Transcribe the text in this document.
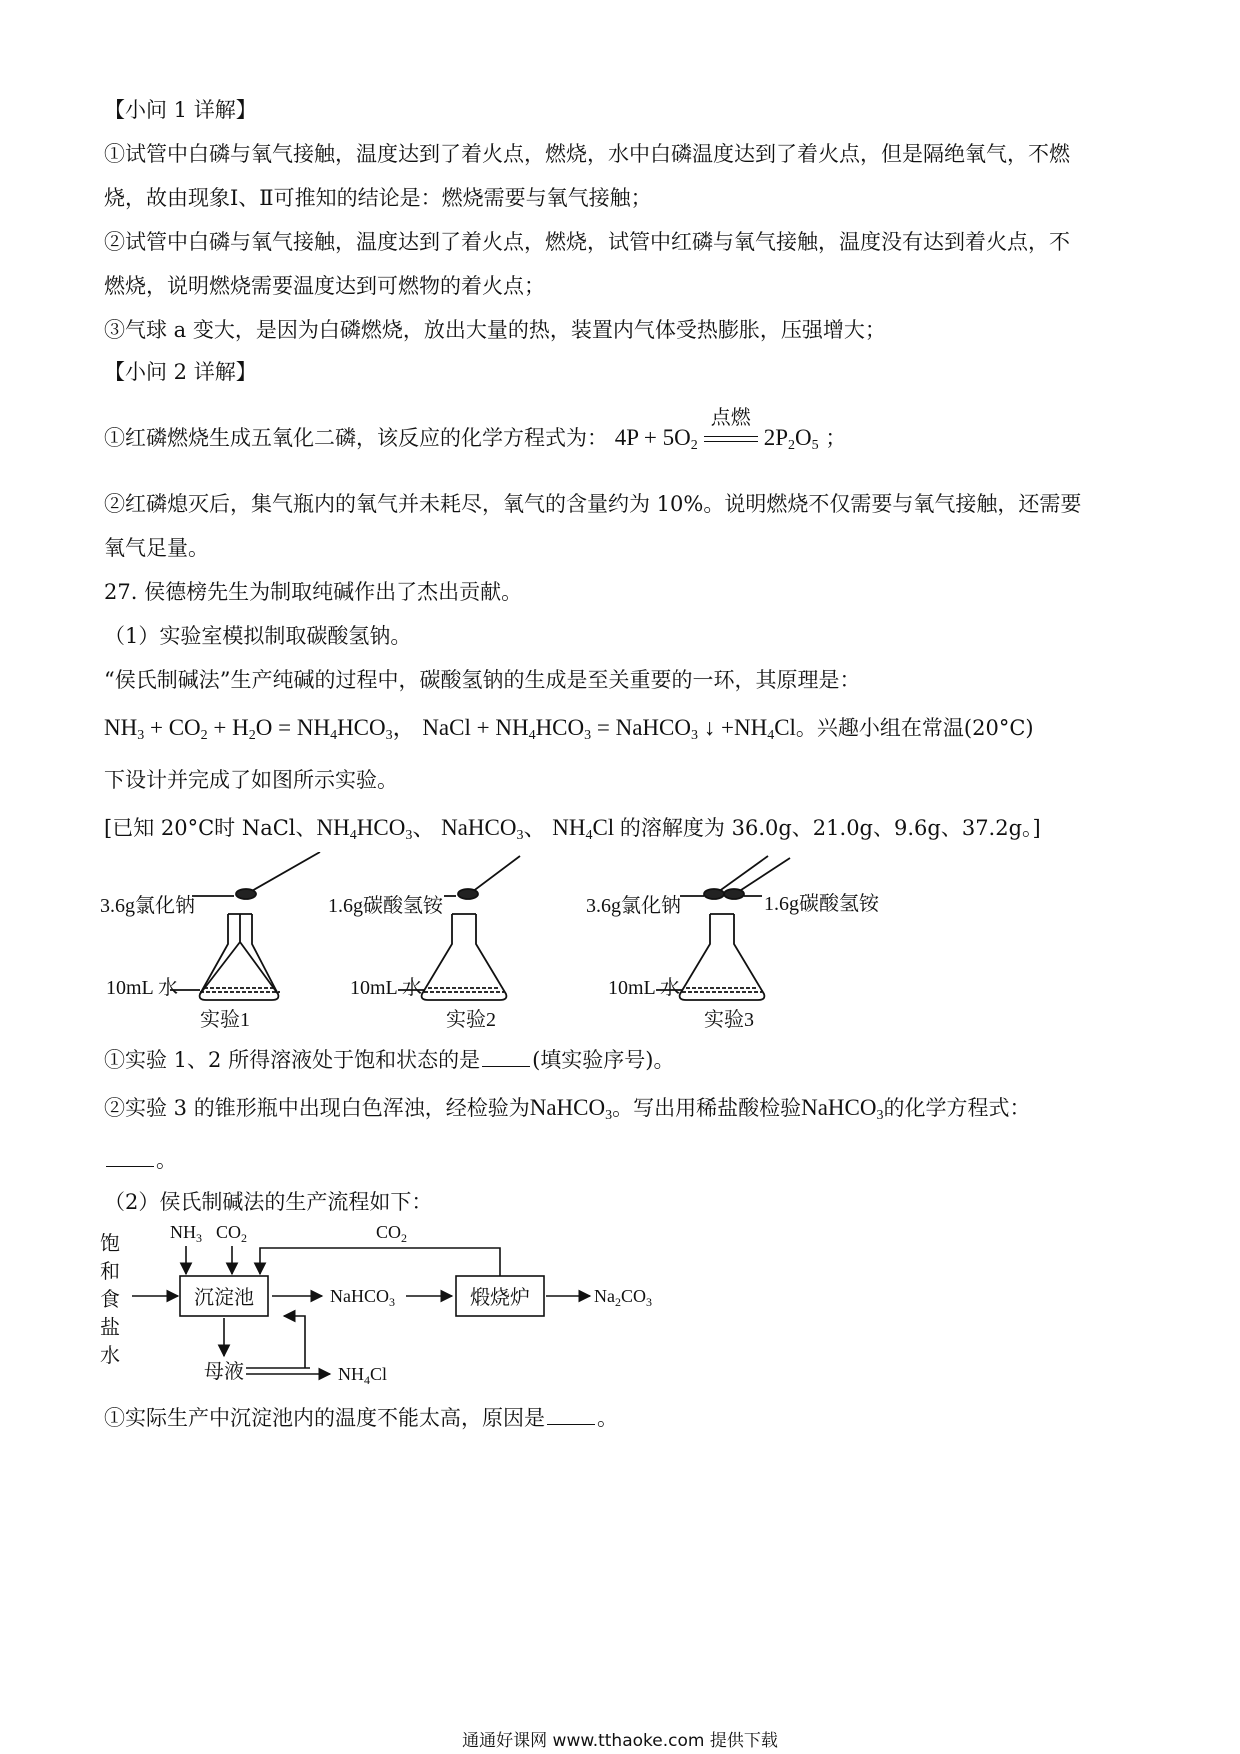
【小问 1 详解】
①试管中白磷与氧气接触，温度达到了着火点，燃烧，水中白磷温度达到了着火点，但是隔绝氧气，不燃
烧，故由现象Ⅰ、Ⅱ可推知的结论是：燃烧需要与氧气接触；
②试管中白磷与氧气接触，温度达到了着火点，燃烧，试管中红磷与氧气接触，温度没有达到着火点，不
燃烧，说明燃烧需要温度达到可燃物的着火点；
③气球 a 变大，是因为白磷燃烧，放出大量的热，装置内气体受热膨胀，压强增大；
【小问 2 详解】
①红磷燃烧生成五氧化二磷，该反应的化学方程式为： $4P + 5O_2$
点燃
$2P_2O_5$ ；
②红磷熄灭后，集气瓶内的氧气并未耗尽，氧气的含量约为 10%。说明燃烧不仅需要与氧气接触，还需要
氧气足量。
27. 侯德榜先生为制取纯碱作出了杰出贡献。
（1）实验室模拟制取碳酸氢钠。
“侯氏制碱法”生产纯碱的过程中，碳酸氢钠的生成是至关重要的一环，其原理是：
$NH_3 + CO_2 + H_2O = NH_4HCO_3$， NaCl + $NH_4HCO_3$ = NaHCO$_3$ ↓ $+NH_4Cl$。兴趣小组在常温(20°C)
下设计并完成了如图所示实验。
[已知 20°C时 NaCl、$NH_4HCO_3$、 NaHCO$_3$、 $NH_4Cl$ 的溶解度为 36.0g、21.0g、9.6g、37.2g。]
3.6g氯化钠
10mL 水
实验1
1.6g碳酸氢铵
10mL 水
实验2
3.6g氯化钠	1.6g碳酸氢铵
10mL 水
实验3
①实验 1、2 所得溶液处于饱和状态的是 (填实验序号)。
②实验 3 的锥形瓶中出现白色浑浊，经检验为NaHCO$_3$。写出用稀盐酸检验NaHCO$_3$的化学方程式：
。
（2）侯氏制碱法的生产流程如下：
饱
和
食
盐
水
沉淀池
$NH_3$ $CO_2$	$CO_2$
NaHCO$_3$	煅烧炉	$Na_2CO_3$
母液	$NH_4Cl$
①实际生产中沉淀池内的温度不能太高，原因是 。
通通好课网 www.tthaoke.com 提供下载
